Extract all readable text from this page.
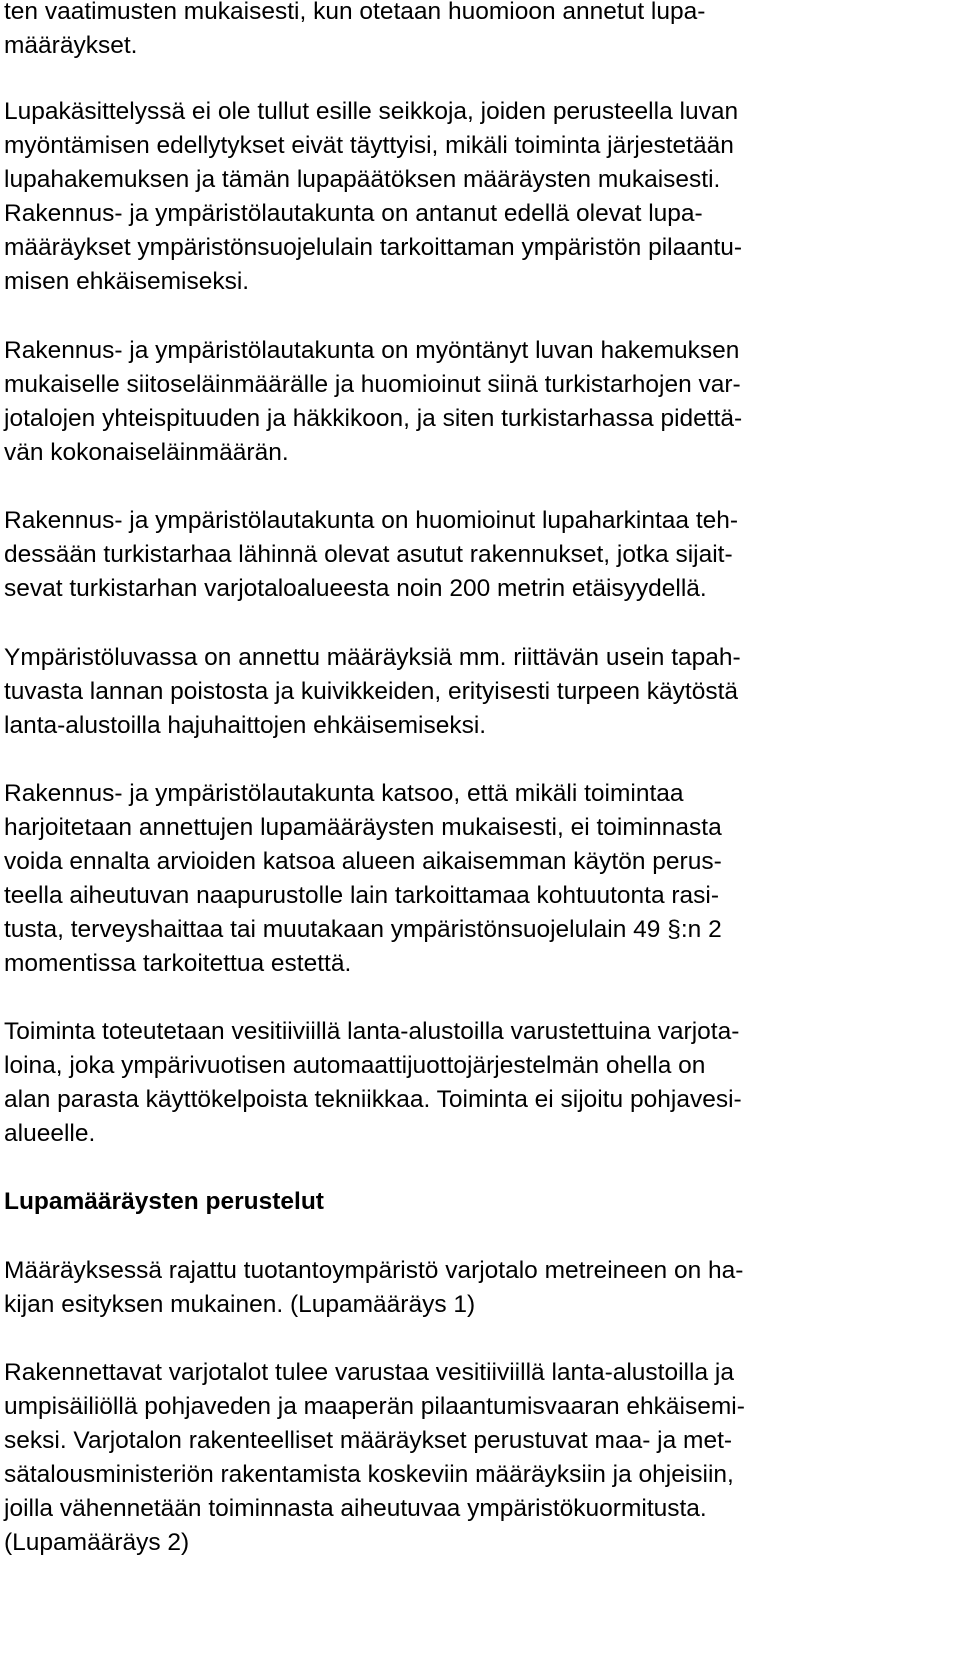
ten vaatimusten mukaisesti, kun otetaan huomioon annetut lupa-

määräykset.

Lupakäsittelyssä ei ole tullut esille seikkoja, joiden perusteella luvan

myöntämisen edellytykset eivät täyttyisi, mikäli toiminta järjestetään

lupahakemuksen ja tämän lupapäätöksen määräysten mukaisesti.

Rakennus- ja ympäristölautakunta on antanut edellä olevat lupa-

määräykset ympäristönsuojelulain tarkoittaman ympäristön pilaantu-

misen ehkäisemiseksi.

Rakennus- ja ympäristölautakunta on myöntänyt luvan hakemuksen

mukaiselle siitoseläinmäärälle ja huomioinut siinä turkistarhojen var-

jotalojen yhteispituuden ja häkkikoon, ja siten turkistarhassa pidettä-

vän kokonaiseläinmäärän.

Rakennus- ja ympäristölautakunta on huomioinut lupaharkintaa teh-

dessään turkistarhaa lähinnä olevat asutut rakennukset, jotka sijait-

sevat turkistarhan varjotaloalueesta noin 200 metrin etäisyydellä.

Ympäristöluvassa on annettu määräyksiä mm. riittävän usein tapah-

tuvasta lannan poistosta ja kuivikkeiden, erityisesti turpeen käytöstä

lanta-alustoilla hajuhaittojen ehkäisemiseksi.

Rakennus- ja ympäristölautakunta katsoo, että mikäli toimintaa

harjoitetaan annettujen lupamääräysten mukaisesti, ei toiminnasta

voida ennalta arvioiden katsoa alueen aikaisemman käytön perus-

teella aiheutuvan naapurustolle lain tarkoittamaa kohtuutonta rasi-

tusta, terveyshaittaa tai muutakaan ympäristönsuojelulain 49 §:n 2

momentissa tarkoitettua estettä.

Toiminta toteutetaan vesitiiviillä lanta-alustoilla varustettuina varjota-

loina, joka ympärivuotisen automaattijuottojärjestelmän ohella on

alan parasta käyttökelpoista tekniikkaa. Toiminta ei sijoitu pohjavesi-

alueelle.

Lupamääräysten perustelut

Määräyksessä rajattu tuotantoympäristö varjotalo metreineen on ha-

kijan esityksen mukainen. (Lupamääräys 1)

Rakennettavat varjotalot tulee varustaa vesitiiviillä lanta-alustoilla ja

umpisäiliöllä pohjaveden ja maaperän pilaantumisvaaran ehkäisemi-

seksi. Varjotalon rakenteelliset määräykset perustuvat maa- ja met-

sätalousministeriön rakentamista koskeviin määräyksiin ja ohjeisiin,

joilla vähennetään toiminnasta aiheutuvaa ympäristökuormitusta.

(Lupamääräys 2)
